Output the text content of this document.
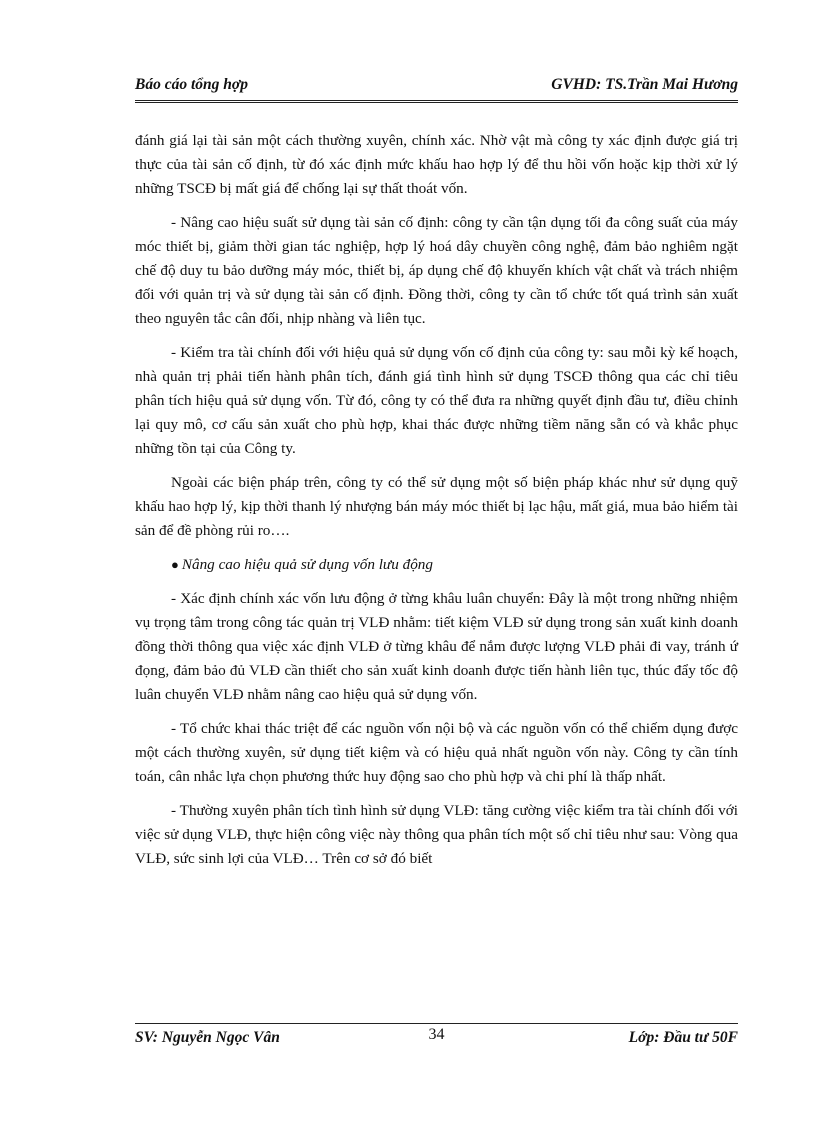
Báo cáo tổng hợp	GVHD: TS.Trần Mai Hương

đánh giá lại tài sản một cách thường xuyên, chính xác. Nhờ vật mà công ty xác định được giá trị thực của tài sản cố định, từ đó xác định mức khấu hao hợp lý để thu hồi vốn hoặc kịp thời xử lý những TSCĐ bị mất giá để chống lại sự thất thoát vốn.

- Nâng cao hiệu suất sử dụng tài sản cố định: công ty cần tận dụng tối đa công suất của máy móc thiết bị, giảm thời gian tác nghiệp, hợp lý hoá dây chuyền công nghệ, đảm bảo nghiêm ngặt chế độ duy tu bảo dưỡng máy móc, thiết bị, áp dụng chế độ khuyến khích vật chất và trách nhiệm đối với quản trị và sử dụng tài sản cố định. Đồng thời, công ty cần tổ chức tốt quá trình sản xuất theo nguyên tắc cân đối, nhịp nhàng và liên tục.

- Kiểm tra tài chính đối với hiệu quả sử dụng vốn cố định của công ty: sau mỗi kỳ kế hoạch, nhà quản trị phải tiến hành phân tích, đánh giá tình hình sử dụng TSCĐ thông qua các chỉ tiêu phân tích hiệu quả sử dụng vốn. Từ đó, công ty có thể đưa ra những quyết định đầu tư, điều chỉnh lại quy mô, cơ cấu sản xuất cho phù hợp, khai thác được những tiềm năng sẵn có và khắc phục những tồn tại của Công ty.

Ngoài các biện pháp trên, công ty có thể sử dụng một số biện pháp khác như sử dụng quỹ khấu hao hợp lý, kịp thời thanh lý nhượng bán máy móc thiết bị lạc hậu, mất giá, mua bảo hiểm tài sản để đề phòng rủi ro….

● Nâng cao hiệu quả sử dụng vốn lưu động

- Xác định chính xác vốn lưu động ở từng khâu luân chuyển: Đây là một trong những nhiệm vụ trọng tâm trong công tác quản trị VLĐ nhằm: tiết kiệm VLĐ sử dụng trong sản xuất kinh doanh đồng thời thông qua việc xác định VLĐ ở từng khâu để nắm được lượng VLĐ phải đi vay, tránh ứ đọng, đảm bảo đủ VLĐ cần thiết cho sản xuất kinh doanh được tiến hành liên tục, thúc đẩy tốc độ luân chuyển VLĐ nhằm nâng cao hiệu quả sử dụng vốn.

- Tổ chức khai thác triệt để các nguồn vốn nội bộ và các nguồn vốn có thể chiếm dụng được một cách thường xuyên, sử dụng tiết kiệm và có hiệu quả nhất nguồn vốn này. Công ty cần tính toán, cân nhắc lựa chọn phương thức huy động sao cho phù hợp và chi phí là thấp nhất.

- Thường xuyên phân tích tình hình sử dụng VLĐ: tăng cường việc kiểm tra tài chính đối với việc sử dụng VLĐ, thực hiện công việc này thông qua phân tích một số chỉ tiêu như sau: Vòng qua VLĐ, sức sinh lợi của VLĐ… Trên cơ sở đó biết

SV: Nguyễn Ngọc Vân	34	Lớp: Đầu tư 50F
